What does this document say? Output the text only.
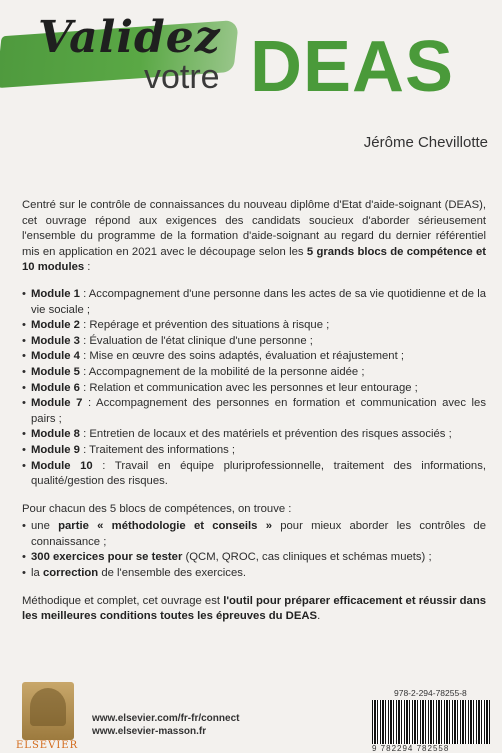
Validez
votre DEAS
Jérôme Chevillotte

Centré sur le contrôle de connaissances du nouveau diplôme d'Etat d'aide-soignant (DEAS), cet ouvrage répond aux exigences des candidats soucieux d'aborder sérieusement l'ensemble du programme de la formation d'aide-soignant au regard du dernier référentiel mis en application en 2021 avec le découpage selon les 5 grands blocs de compétence et 10 modules :

• Module 1 : Accompagnement d'une personne dans les actes de sa vie quotidienne et de la vie sociale ;
• Module 2 : Repérage et prévention des situations à risque ;
• Module 3 : Évaluation de l'état clinique d'une personne ;
• Module 4 : Mise en œuvre des soins adaptés, évaluation et réajustement ;
• Module 5 : Accompagnement de la mobilité de la personne aidée ;
• Module 6 : Relation et communication avec les personnes et leur entourage ;
• Module 7 : Accompagnement des personnes en formation et communication avec les pairs ;
• Module 8 : Entretien de locaux et des matériels et prévention des risques associés ;
• Module 9 : Traitement des informations ;
• Module 10 : Travail en équipe pluriprofessionnelle, traitement des informations, qualité/gestion des risques.

Pour chacun des 5 blocs de compétences, on trouve :

• une partie « méthodologie et conseils » pour mieux aborder les contrôles de connaissance ;
• 300 exercices pour se tester (QCM, QROC, cas cliniques et schémas muets) ;
• la correction de l'ensemble des exercices.

Méthodique et complet, cet ouvrage est l'outil pour préparer efficacement et réussir dans les meilleures conditions toutes les épreuves du DEAS.

ELSEVIER
www.elsevier.com/fr-fr/connect
www.elsevier-masson.fr
978-2-294-78255-8
9 782294 782558
